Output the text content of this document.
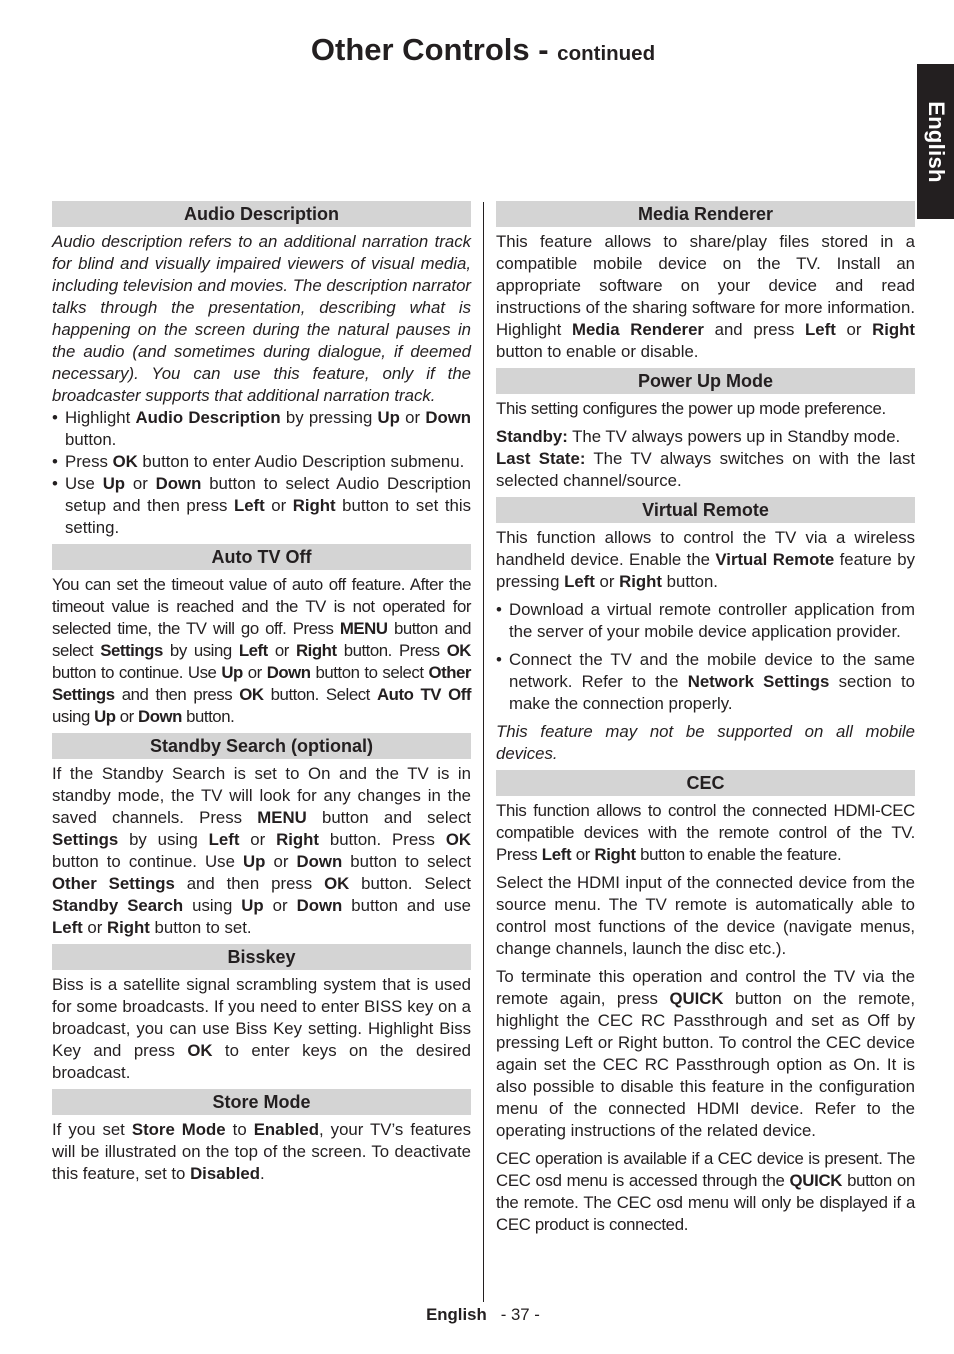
Other Controls - continued
English
Audio Description

Audio description refers to an additional narration track for blind and visually impaired viewers of visual media, including television and movies. The description narrator talks through the presentation, describing what is happening on the screen during the natural pauses in the audio (and sometimes during dialogue, if deemed necessary). You can use this feature, only if the broadcaster supports that additional narration track.

• Highlight Audio Description by pressing Up or Down button.
• Press OK button to enter Audio Description submenu.
• Use Up or Down button to select Audio Description setup and then press Left or Right button to set this setting.
Auto TV Off

You can set the timeout value of auto off feature. After the timeout value is reached and the TV is not operated for selected time, the TV will go off. Press MENU button and select Settings by using Left or Right button. Press OK button to continue. Use Up or Down button to select Other Settings and then press OK button. Select Auto TV Off using Up or Down button.

Standby Search (optional)

If the Standby Search is set to On and the TV is in standby mode, the TV will look for any changes in the saved channels. Press MENU button and select Settings by using Left or Right button. Press OK button to continue. Use Up or Down button to select Other Settings and then press OK button. Select Standby Search using Up or Down button and use Left or Right button to set.

Bisskey

Biss is a satellite signal scrambling system that is used for some broadcasts. If you need to enter BISS key on a broadcast, you can use Biss Key setting. Highlight Biss Key and press OK to enter keys on the desired broadcast.

Store Mode

If you set Store Mode to Enabled, your TV’s features will be illustrated on the top of the screen. To deactivate this feature, set to Disabled.

Media Renderer

This feature allows to share/play files stored in a compatible mobile device on the TV. Install an appropriate software on your device and read instructions of the sharing software for more information. Highlight Media Renderer and press Left or Right button to enable or disable.

Power Up Mode

This setting configures the power up mode preference.

Standby: The TV always powers up in Standby mode.

Last State: The TV always switches on with the last selected channel/source.

Virtual Remote

This function allows to control the TV via a wireless handheld device. Enable the Virtual Remote feature by pressing Left or Right button.

• Download a virtual remote controller application from the server of your mobile device application provider.
• Connect the TV and the mobile device to the same network. Refer to the Network Settings section to make the connection properly.

This feature may not be supported on all mobile devices.

CEC

This function allows to control the connected HDMI-CEC compatible devices with the remote control of the TV. Press Left or Right button to enable the feature.

Select the HDMI input of the connected device from the source menu. The TV remote is automatically able to control most functions of the device (navigate menus, change channels, launch the disc etc.).

To terminate this operation and control the TV via the remote again, press QUICK button on the remote, highlight the CEC RC Passthrough and set as Off by pressing Left or Right button. To control the CEC device again set the CEC RC Passthrough option as On. It is also possible to disable this feature in the configuration menu of the connected HDMI device. Refer to the operating instructions of the related device.

CEC operation is available if a CEC device is present. The CEC osd menu is accessed through the QUICK button on the remote. The CEC osd menu will only be displayed if a CEC product is connected.

English - 37 -
